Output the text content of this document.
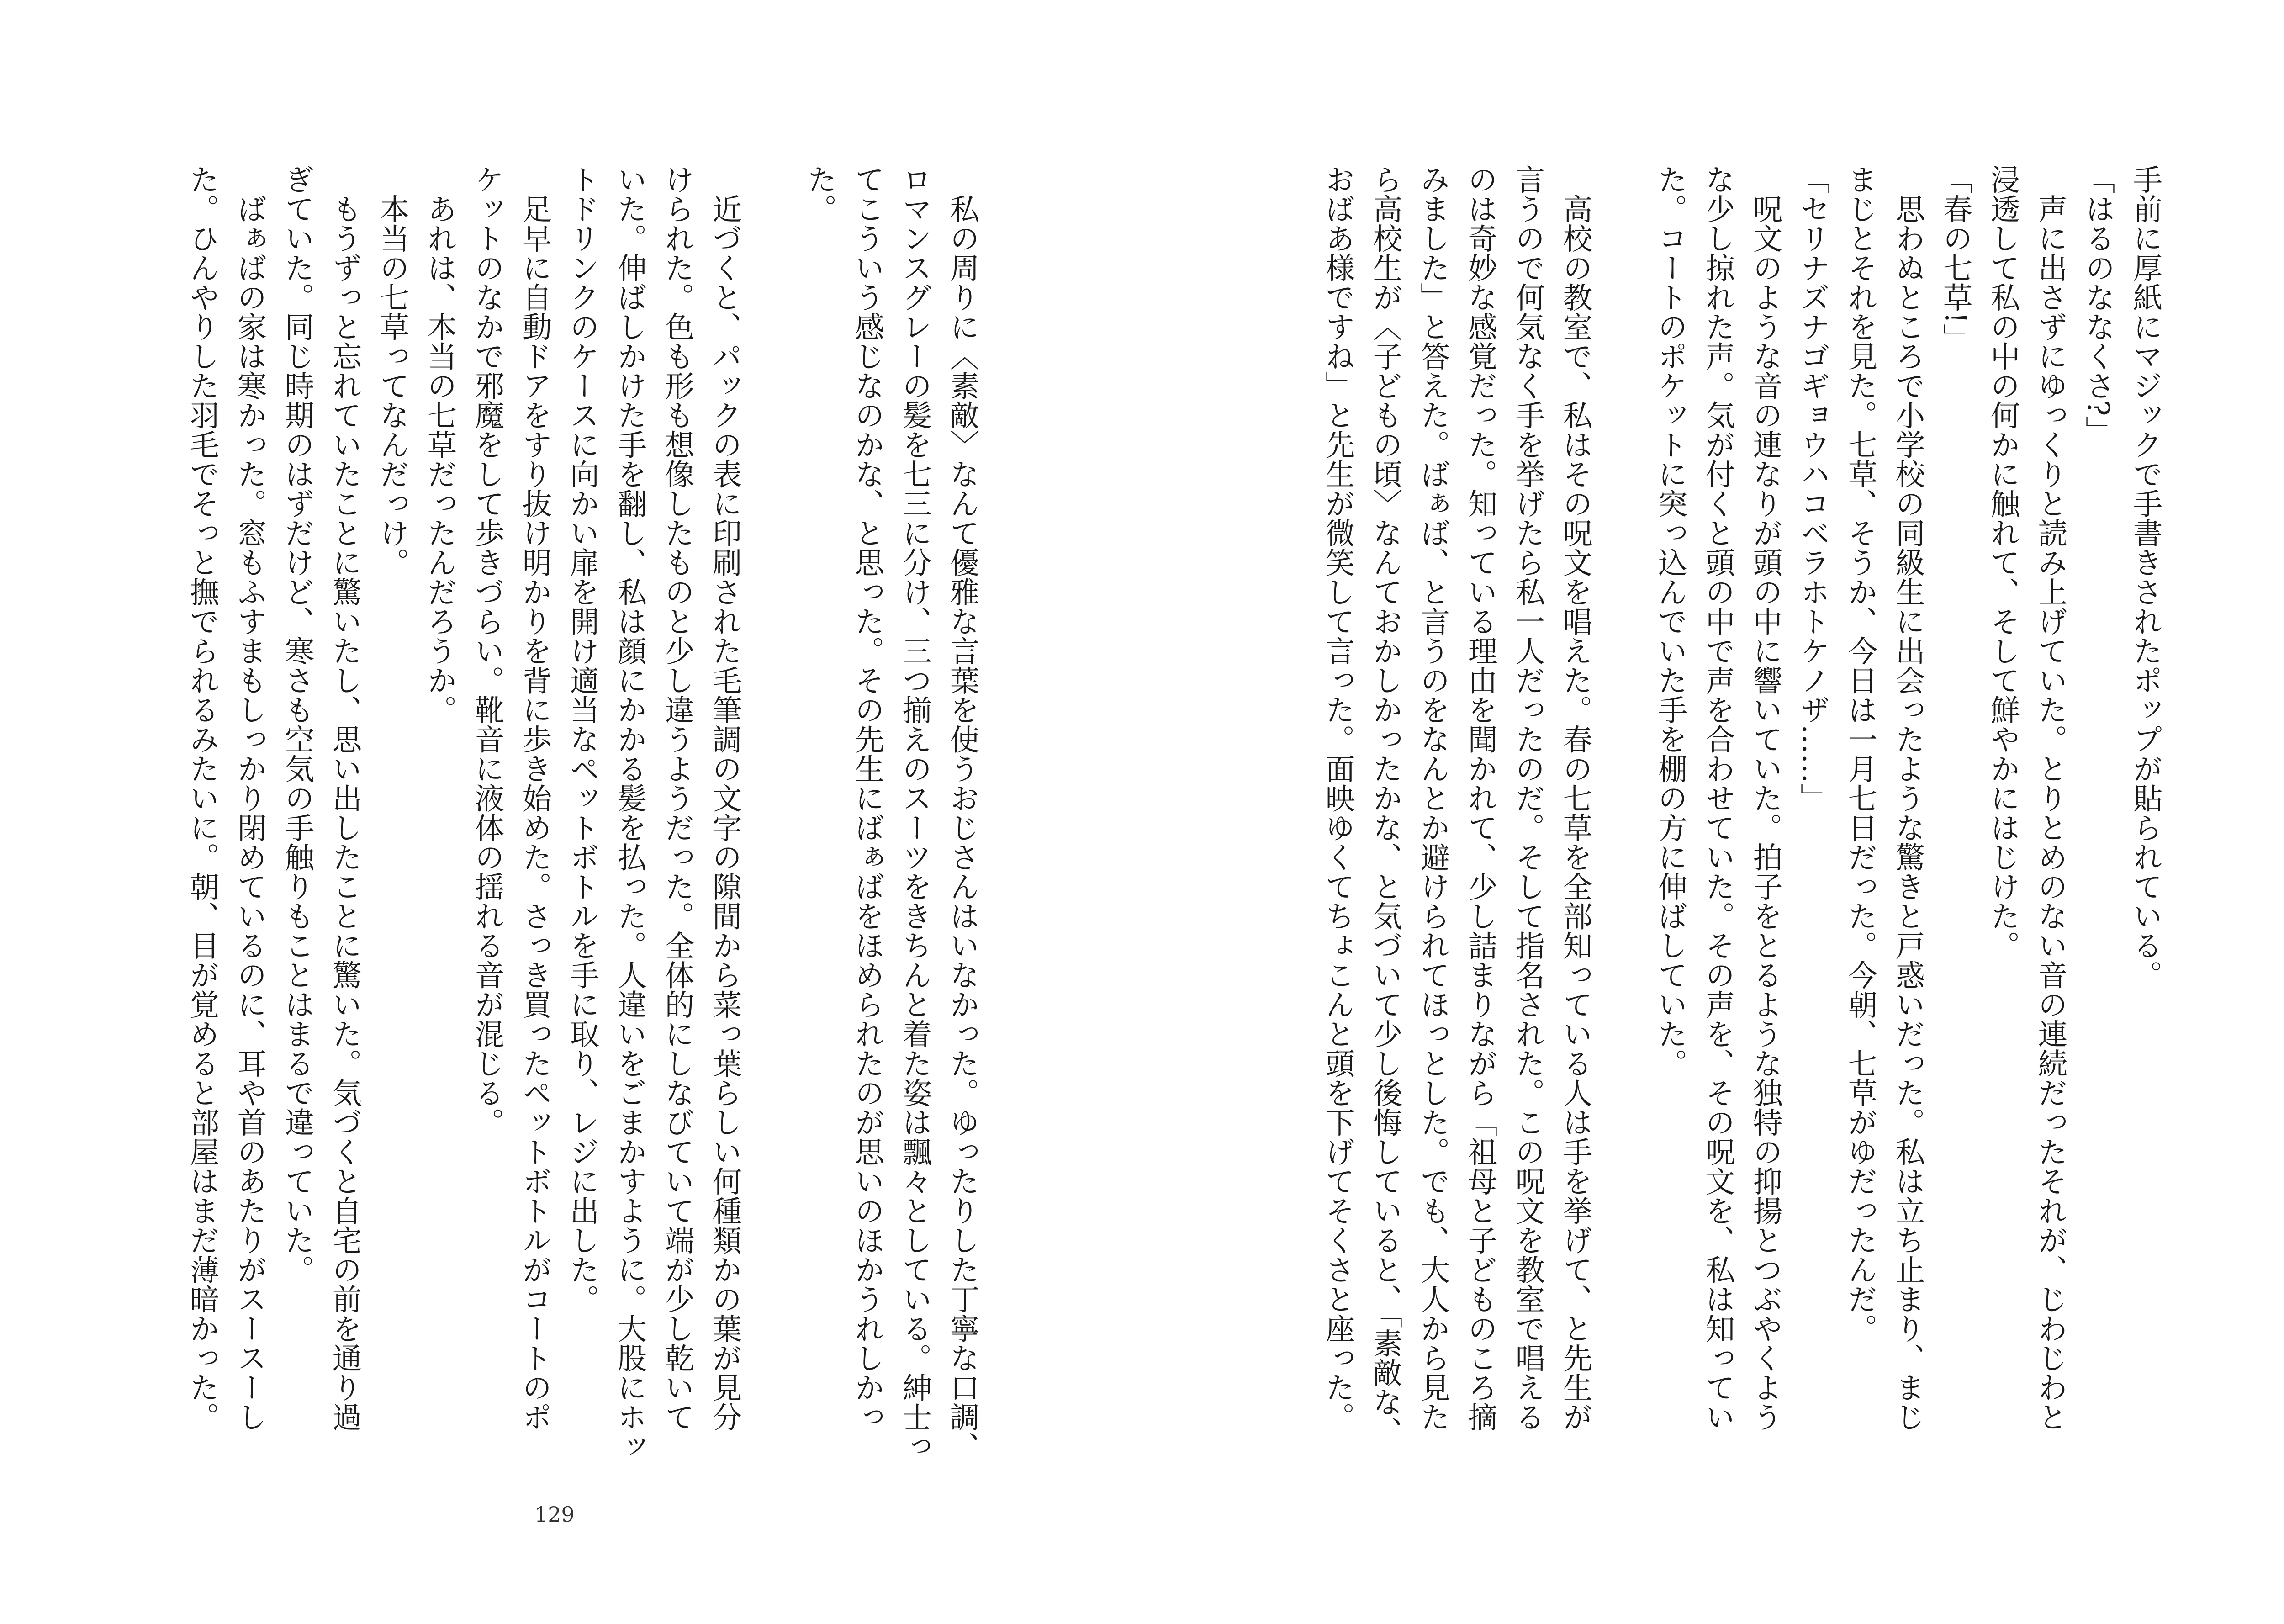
　私の周りに〈素敵〉なんて優雅な言葉を使うおじさんはいなかった。ゆったりした丁寧な口調、
ロマンスグレーの髪を七三に分け、三つ揃えのスーツをきちんと着た姿は飄々としている。紳士っ
てこういう感じなのかな、と思った。その先生にばぁばをほめられたのが思いのほかうれしかっ
た。

　近づくと、パックの表に印刷された毛筆調の文字の隙間から菜っ葉らしい何種類かの葉が見分
けられた。色も形も想像したものと少し違うようだった。全体的にしなびていて端が少し乾いて
いた。伸ばしかけた手を翻し、私は顔にかかる髪を払った。人違いをごまかすように。大股にホッ
トドリンクのケースに向かい扉を開け適当なペットボトルを手に取り、レジに出した。
　足早に自動ドアをすり抜け明かりを背に歩き始めた。さっき買ったペットボトルがコートのポ
ケットのなかで邪魔をして歩きづらい。靴音に液体の揺れる音が混じる。
　あれは、本当の七草だったんだろうか。
　本当の七草ってなんだっけ。
　もうずっと忘れていたことに驚いたし、思い出したことに驚いた。気づくと自宅の前を通り過
ぎていた。同じ時期のはずだけど、寒さも空気の手触りもことはまるで違っていた。
　ばぁばの家は寒かった。窓もふすまもしっかり閉めているのに、耳や首のあたりがスースーし
た。ひんやりした羽毛でそっと撫でられるみたいに。朝、目が覚めると部屋はまだ薄暗かった。
129
手前に厚紙にマジックで手書きされたポップが貼られている。
「はるのななくさ?」
　声に出さずにゆっくりと読み上げていた。とりとめのない音の連続だったそれが、じわじわと
浸透して私の中の何かに触れて、そして鮮やかにはじけた。
「春の七草!」
　思わぬところで小学校の同級生に出会ったような驚きと戸惑いだった。私は立ち止まり、まじ
まじとそれを見た。七草、そうか、今日は一月七日だった。今朝、七草がゆだったんだ。
「セリナズナゴギョウハコベラホトケノザ……」
　呪文のような音の連なりが頭の中に響いていた。拍子をとるような独特の抑揚とつぶやくよう
な少し掠れた声。気が付くと頭の中で声を合わせていた。その声を、その呪文を、私は知ってい
た。コートのポケットに突っ込んでいた手を棚の方に伸ばしていた。

　高校の教室で、私はその呪文を唱えた。春の七草を全部知っている人は手を挙げて、と先生が
言うので何気なく手を挙げたら私一人だったのだ。そして指名された。この呪文を教室で唱える
のは奇妙な感覚だった。知っている理由を聞かれて、少し詰まりながら「祖母と子どものころ摘
みました」と答えた。ばぁば、と言うのをなんとか避けられてほっとした。でも、大人から見た
ら高校生が〈子どもの頃〉なんておかしかったかな、と気づいて少し後悔していると、「素敵な、
おばあ様ですね」と先生が微笑して言った。面映ゆくてちょこんと頭を下げてそくさと座った。
